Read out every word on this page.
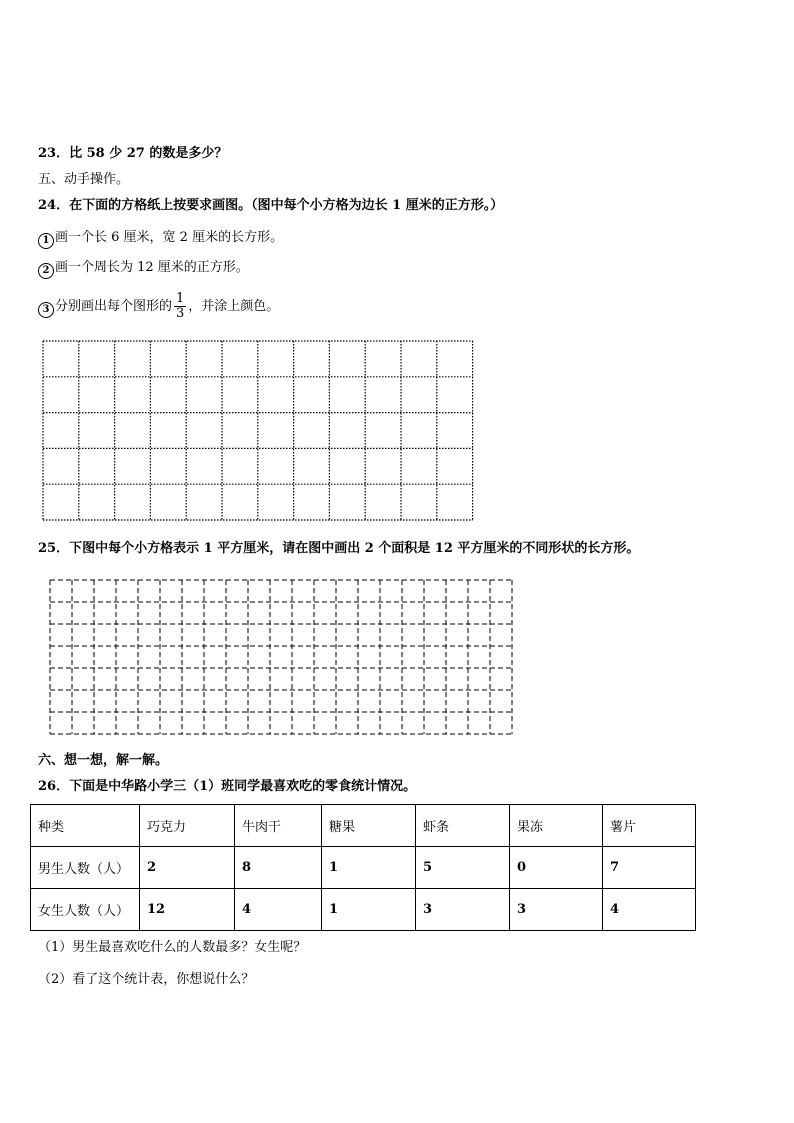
23．比 58 少 27 的数是多少？
五、动手操作。
24．在下面的方格纸上按要求画图。（图中每个小方格为边长 1 厘米的正方形。）
1 画一个长 6 厘米，宽 2 厘米的长方形。
2 画一个周长为 12 厘米的正方形。
3 分别画出每个图形的 $\frac{1}{3}$ ，并涂上颜色。
25．下图中每个小方格表示 1 平方厘米，请在图中画出 2 个面积是 12 平方厘米的不同形状的长方形。
六、想一想，解一解。
26．下面是中华路小学三（1）班同学最喜欢吃的零食统计情况。
种类	巧克力	牛肉干	糖果	虾条	果冻	薯片
男生人数（人）	2	8	1	5	0	7
女生人数（人）	12	4	1	3	3	4
（1）男生最喜欢吃什么的人数最多？女生呢？
（2）看了这个统计表，你想说什么？
